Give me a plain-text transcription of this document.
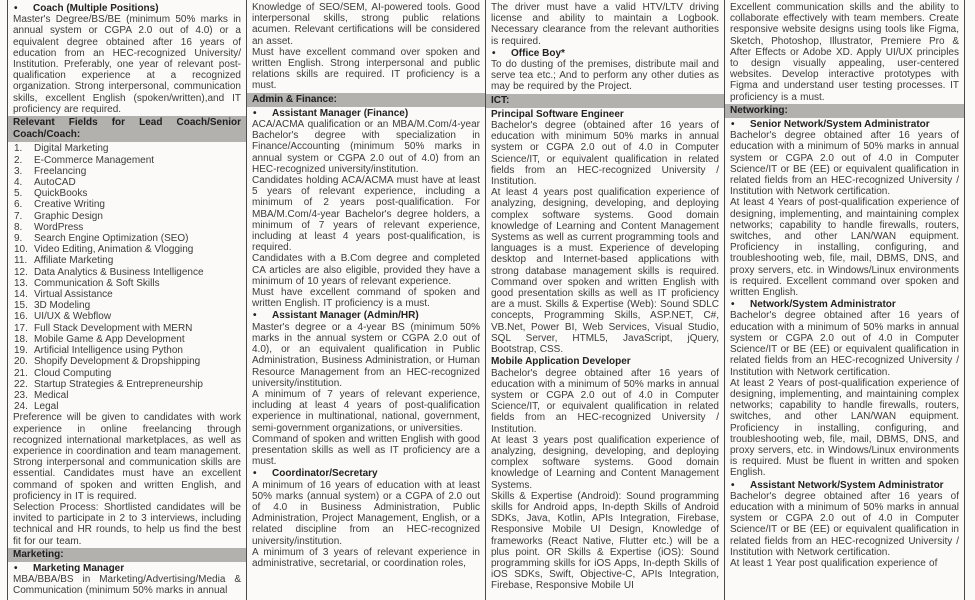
•	Coach (Multiple Positions)

Master's Degree/BS/BE (minimum 50% marks in annual system or CGPA 2.0 out of 4.0) or a equivalent degree obtained after 16 years of education from an HEC-recognized University/ Institution. Preferably, one year of relevant post-qualification experience at a recognized organization. Strong interpersonal, communication skills, excellent English (spoken/written),and IT proficiency are required.

Relevant Fields for Lead Coach/Senior Coach/Coach:
1.	Digital Marketing
2.	E-Commerce Management
3.	Freelancing
4.	AutoCAD
5.	QuickBooks
6.	Creative Writing
7.	Graphic Design
8.	WordPress
9.	Search Engine Optimization (SEO)
10. Video Editing, Animation & Vlogging
11. Affiliate Marketing
12. Data Analytics & Business Intelligence
13. Communication & Soft Skills
14. Virtual Assistance
15. 3D Modeling
16. UI/UX & Webflow
17. Full Stack Development with MERN
18. Mobile Game & App Development
19. Artificial Intelligence using Python
20. Shopify Development & Dropshipping
21. Cloud Computing
22. Startup Strategies & Entrepreneurship
23. Medical
24. Legal

Preference will be given to candidates with work experience in online freelancing through recognized international marketplaces, as well as experience in coordination and team management. Strong interpersonal and communication skills are essential. Candidates must have an excellent command of spoken and written English, and proficiency in IT is required.

Selection Process: Shortlisted candidates will be invited to participate in 2 to 3 interviews, including technical and HR rounds, to help us find the best fit for our team.

Marketing:
•	Marketing Manager

MBA/BBA/BS in Marketing/Advertising/Media & Communication (minimum 50% marks in annual

Knowledge of SEO/SEM, AI-powered tools. Good interpersonal skills, strong public relations acumen. Relevant certifications will be considered an asset.

Must have excellent command over spoken and written English. Strong interpersonal and public relations skills are required. IT proficiency is a must.

Admin & Finance:
•	Assistant Manager (Finance)

ACA/ACMA qualification or an MBA/M.Com/4-year Bachelor's degree with specialization in Finance/Accounting (minimum 50% marks in annual system or CGPA 2.0 out of 4.0) from an HEC-recognized university/institution.

Candidates holding ACA/ACMA must have at least 5 years of relevant experience, including a minimum of 2 years post-qualification. For MBA/M.Com/4-year Bachelor's degree holders, a minimum of 7 years of relevant experience, including at least 4 years post-qualification, is required.

Candidates with a B.Com degree and completed CA articles are also eligible, provided they have a minimum of 10 years of relevant experience.

Must have excellent command of spoken and written English. IT proficiency is a must.

•	Assistant Manager (Admin/HR)

Master's degree or a 4-year BS (minimum 50% marks in the annual system or CGPA 2.0 out of 4.0), or an equivalent qualification in Public Administration, Business Administration, or Human Resource Management from an HEC-recognized university/institution.

A minimum of 7 years of relevant experience, including at least 4 years of post-qualification experience in multinational, national, government, semi-government organizations, or universities.

Command of spoken and written English with good presentation skills as well as IT proficiency are a must.

•	Coordinator/Secretary

A minimum of 16 years of education with at least 50% marks (annual system) or a CGPA of 2.0 out of 4.0 in Business Administration, Public Administration, Project Management, English, or a related discipline from an HEC-recognized university/institution.

A minimum of 3 years of relevant experience in administrative, secretarial, or coordination roles,

The driver must have a valid HTV/LTV driving license and ability to maintain a Logbook. Necessary clearance from the relevant authorities is required.

•	Office Boy*

To do dusting of the premises, distribute mail and serve tea etc.; And to perform any other duties as may be required by the Project.

ICT:
Principal Software Engineer

Bachelor's degree (obtained after 16 years of education with minimum 50% marks in annual system or CGPA 2.0 out of 4.0 in Computer Science/IT, or equivalent qualification in related fields from an HEC-recognized University / Institution.

At least 4 years post qualification experience of analyzing, designing, developing, and deploying complex software systems. Good domain knowledge of Learning and Content Management Systems as well as current programming tools and languages is a must. Experience of developing desktop and Internet-based applications with strong database management skills is required. Command over spoken and written English with good presentation skills as well as IT proficiency are a must. Skills & Expertise (Web): Sound SDLC concepts, Programming Skills, ASP.NET, C#, VB.Net, Power BI, Web Services, Visual Studio, SQL Server, HTML5, JavaScript, jQuery, Bootstrap, CSS.

Mobile Application Developer

Bachelor's degree obtained after 16 years of education with a minimum of 50% marks in annual system or CGPA 2.0 out of 4.0 in Computer Science/IT, or equivalent qualification in related fields from an HEC-recognized University / Institution.

At least 3 years post qualification experience of analyzing, designing, developing, and deploying complex software systems. Good domain knowledge of Learning and Content Management Systems.

Skills & Expertise (Android): Sound programming skills for Android apps, In-depth Skills of Android SDKs, Java, Kotlin, APIs Integration, Firebase, Responsive Mobile UI Design, Knowledge of frameworks (React Native, Flutter etc.) will be a plus point. OR Skills & Expertise (iOS): Sound programming skills for iOS Apps, In-depth Skills of iOS SDKs, Swift, Objective-C, APIs Integration, Firebase, Responsive Mobile UI

Excellent communication skills and the ability to collaborate effectively with team members. Create responsive website designs using tools like Figma, Sketch, Photoshop, Illustrator, Premiere Pro & After Effects or Adobe XD. Apply UI/UX principles to design visually appealing, user-centered websites. Develop interactive prototypes with Figma and understand user testing processes. IT proficiency is a must.

Networking:
•	Senior Network/System Administrator

Bachelor's degree obtained after 16 years of education with a minimum of 50% marks in annual system or CGPA 2.0 out of 4.0 in Computer Science/IT or BE (EE) or equivalent qualification in related fields from an HEC-recognized University / Institution with Network certification.

At least 4 Years of post-qualification experience of designing, implementing, and maintaining complex networks; capability to handle firewalls, routers, switches, and other LAN/WAN equipment. Proficiency in installing, configuring, and troubleshooting web, file, mail, DBMS, DNS, and proxy servers, etc. in Windows/Linux environments is required. Excellent command over spoken and written English.

•	Network/System Administrator

Bachelor's degree obtained after 16 years of education with a minimum of 50% marks in annual system or CGPA 2.0 out of 4.0 in Computer Science/IT or BE (EE) or equivalent qualification in related fields from an HEC-recognized University / Institution with Network certification.

At least 2 Years of post-qualification experience of designing, implementing, and maintaining complex networks; capability to handle firewalls, routers, switches, and other LAN/WAN equipment. Proficiency in installing, configuring, and troubleshooting web, file, mail, DBMS, DNS, and proxy servers, etc. in Windows/Linux environments is required. Must be fluent in written and spoken English.

•	Assistant Network/System Administrator

Bachelor's degree obtained after 16 years of education with a minimum of 50% marks in annual system or CGPA 2.0 out of 4.0 in Computer Science/IT or BE (EE) or equivalent qualification in related fields from an HEC-recognized University / Institution with Network certification.

At least 1 Year post qualification experience of
